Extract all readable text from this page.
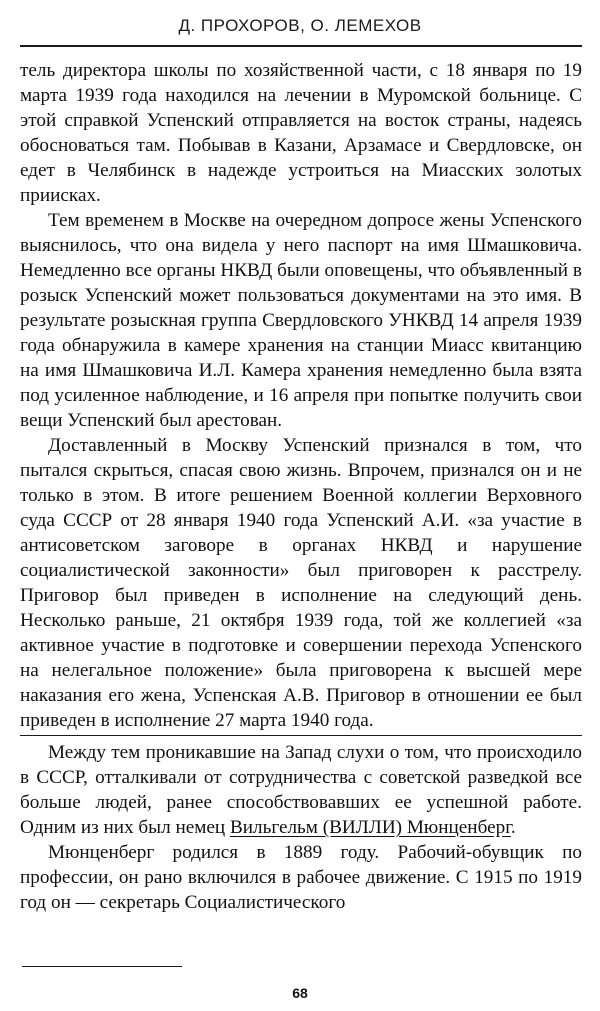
Д. ПРОХОРОВ, О. ЛЕМЕХОВ

тель директора школы по хозяйственной части, с 18 января по 19 марта 1939 года находился на лечении в Муромской больнице. С этой справкой Успенский отправляется на восток страны, надеясь обосноваться там. Побывав в Казани, Арзамасе и Свердловске, он едет в Челябинск в надежде устроиться на Миасских золотых приисках.

Тем временем в Москве на очередном допросе жены Успенского выяснилось, что она видела у него паспорт на имя Шмашковича. Немедленно все органы НКВД были оповещены, что объявленный в розыск Успенский может пользоваться документами на это имя. В результате розыскная группа Свердловского УНКВД 14 апреля 1939 года обнаружила в камере хранения на станции Миасс квитанцию на имя Шмашковича И.Л. Камера хранения немедленно была взята под усиленное наблюдение, и 16 апреля при попытке получить свои вещи Успенский был арестован.

Доставленный в Москву Успенский признался в том, что пытался скрыться, спасая свою жизнь. Впрочем, признался он и не только в этом. В итоге решением Военной коллегии Верховного суда СССР от 28 января 1940 года Успенский А.И. «за участие в антисоветском заговоре в органах НКВД и нарушение социалистической законности» был приговорен к расстрелу. Приговор был приведен в исполнение на следующий день. Несколько раньше, 21 октября 1939 года, той же коллегией «за активное участие в подготовке и совершении перехода Успенского на нелегальное положение» была приговорена к высшей мере наказания его жена, Успенская А.В. Приговор в отношении ее был приведен в исполнение 27 марта 1940 года.

Между тем проникавшие на Запад слухи о том, что происходило в СССР, отталкивали от сотрудничества с советской разведкой все больше людей, ранее способствовавших ее успешной работе. Одним из них был немец Вильгельм (ВИЛЛИ) Мюнценберг.

Мюнценберг родился в 1889 году. Рабочий-обувщик по профессии, он рано включился в рабочее движение. С 1915 по 1919 год он — секретарь Социалистического

68
